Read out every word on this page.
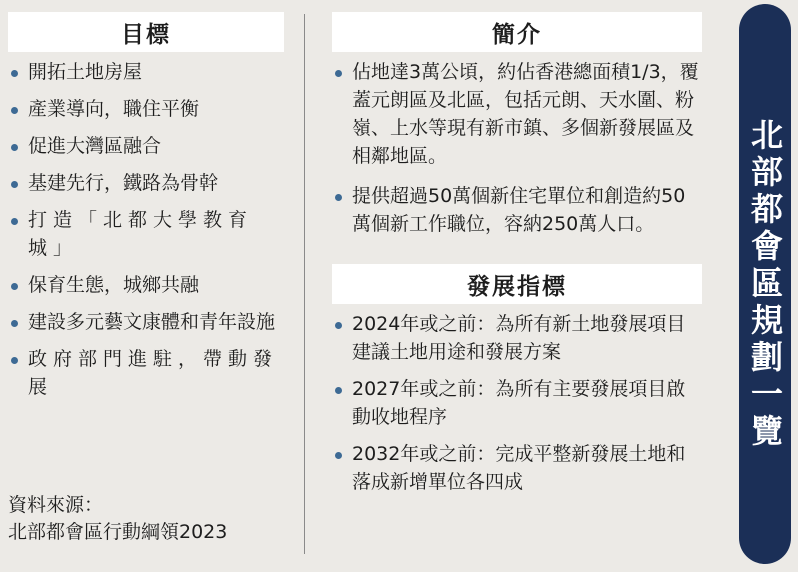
目標
開拓土地房屋
產業導向，職住平衡
促進大灣區融合
基建先行，鐵路為骨幹
打造「北都大學教育城」
保育生態，城鄉共融
建設多元藝文康體和青年設施
政府部門進駐，帶動發展
資料來源：
北部都會區行動綱領2023
簡介
佔地達3萬公頃，約佔香港總面積1/3，覆蓋元朗區及北區，包括元朗、天水圍、粉嶺、上水等現有新市鎮、多個新發展區及相鄰地區。
提供超過50萬個新住宅單位和創造約50萬個新工作職位，容納250萬人口。
發展指標
2024年或之前：為所有新土地發展項目建議土地用途和發展方案
2027年或之前：為所有主要發展項目啟動收地程序
2032年或之前：完成平整新發展土地和落成新增單位各四成
北部都會區規劃一覽
